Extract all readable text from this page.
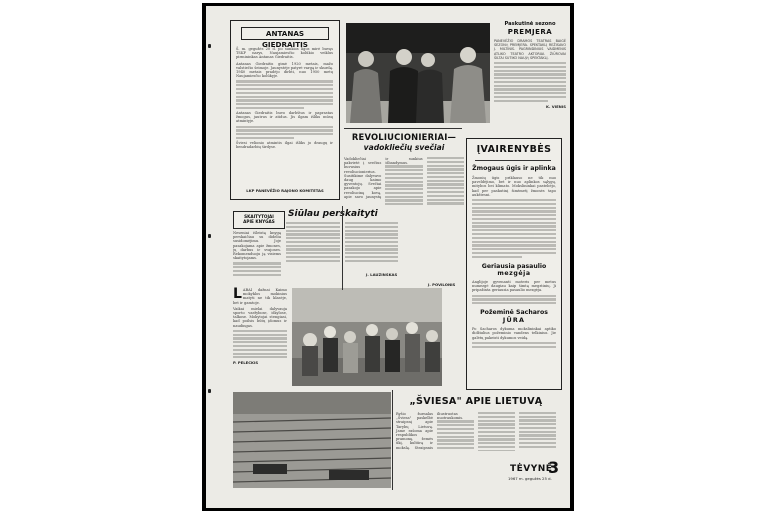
ANTANAS GIEDRAITIS

Š. m. gegužės 20 d. po sunkios ligos mirė buvęs TSKP narys, Naujamiesčio kolūkio veiklus pirmininkas Antanas Giedraitis.

Antanas Giedraitis gimė 1920 metais, mažo valstiečio šeimoje. Jaunystėje patyrė vargą ir skurdą. 1940 metais pradėjo dirbti, nuo 1950 metų Naujamiesčio kolūkyje.

Antanas Giedraitis buvo darbštus ir paprastas žmogus, jautrus ir atidus. Jis ilgam išliks mūsų atmintyje.

Šviesi velionio atmintis ilgai išliks jo draugų ir bendradarbių širdyse.

LKP PANEVĖŽIO RAJONO KOMITETAS
Paskutinė sezono
PREMJERA
PANEVĖŽIO DRAMOS TEATRAS BAIGĖ SEZONĄ PREMJERA. SPEKTAKLĮ REŽISAVO J. MILTINIS. PAGRINDINIUS VAIDMENIS ATLIKO TEATRO AKTORIAI. ŽIŪROVAI ŠILTAI SUTIKO NAUJĄ SPEKTAKLĮ.
K. VIENIS
REVOLIUCIONIERIAI—
vadokliečių svečiai
Vadokliečiai pakvietė į svečius buvusius revoliucionierius. Susitikime dalyvavo daug kaimo gyventojų. Svečiai pasakojo apie revoliucinę kovą, apie savo jaunystę ir sunkius išbandymus.
J. POVILONIS
ĮVAIRENYBĖS
Žmogaus ūgis ir aplinka
Žmonių ūgis priklauso ne tik nuo paveldėjimo, bet ir nuo aplinkos sąlygų, mitybos bei klimato. Mokslininkai pastebėjo, kad per paskutinį šimtmetį žmonės tapo aukštesni.
Geriausia pasaulio
mezgėja
Anglijoje gyvenanti moteris per metus numezgė daugiau kaip šimtą megztinių. Ji pripažinta geriausia pasaulio mezgėja.
Požeminė Sacharos
JŪRA
Po Sacharos dykuma mokslininkai aptiko didžiulius požeminio vandens telkinius. Jie galėtų pakeisti dykumos veidą.
SKAITYTOJAI
APIE KNYGAS
Siūlau perskaityti
Neseniai išleistą knygą perskaičiau su dideliu susidomėjimu. Joje pasakojama apie žmones, jų darbus ir svajones. Rekomenduoju ją visiems skaitytojams.
J. LAUZINSKAS
L ABAI dažnai Kaimo mokyklos mokinius matyti ne tik klasėje, bet ir gamtoje.
Vaikai mielai dalyvauja sporto varžybose, iškylose, talkose. Mokytojai stengiasi, kad poilsis būtų įdomus ir naudingas.
P. PELECKIS
„ŠVIESA" APIE LIETUVĄ
Ryšio žurnalas „Šviesa" paskelbė straipsnį apie Tarybų Lietuvą. Jame rašoma apie respublikos pramonę, žemės ūkį, kultūrą ir mokslą. Straipsnis iliustruotas nuotraukomis.
TĖVYNĖ
3
1967 m. gegužės 25 d.
